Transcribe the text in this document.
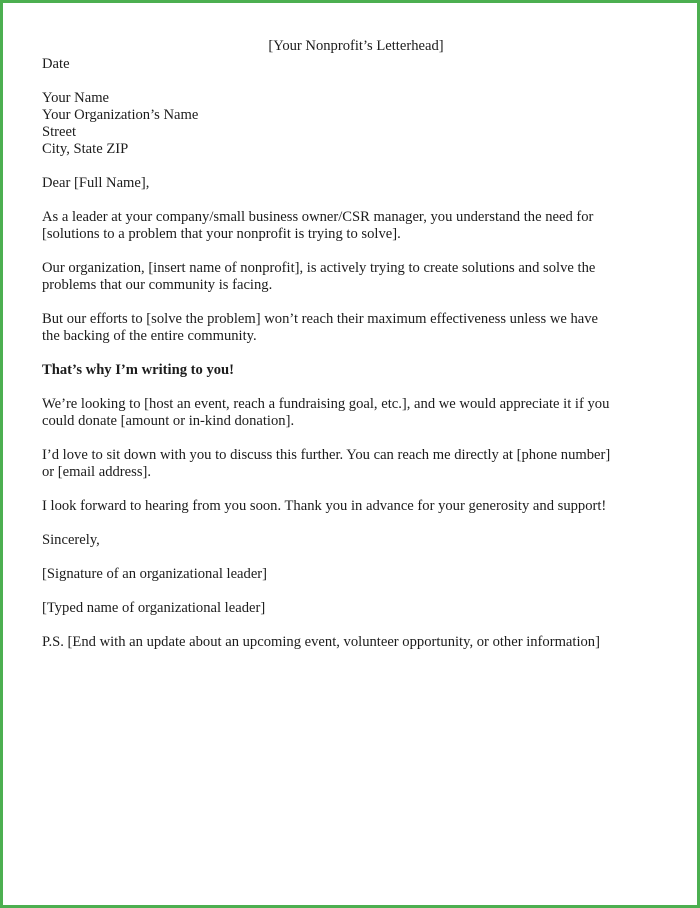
[Your Nonprofit’s Letterhead]

Date

Your Name

Your Organization’s Name

Street

City, State ZIP

Dear [Full Name],

As a leader at your company/small business owner/CSR manager, you understand the need for

[solutions to a problem that your nonprofit is trying to solve].

Our organization, [insert name of nonprofit], is actively trying to create solutions and solve the

problems that our community is facing.

But our efforts to [solve the problem] won’t reach their maximum effectiveness unless we have

the backing of the entire community.

That’s why I’m writing to you!

We’re looking to [host an event, reach a fundraising goal, etc.], and we would appreciate it if you

could donate [amount or in-kind donation].

I’d love to sit down with you to discuss this further. You can reach me directly at [phone number]

or [email address].

I look forward to hearing from you soon. Thank you in advance for your generosity and support!

Sincerely,

[Signature of an organizational leader]

[Typed name of organizational leader]

P.S. [End with an update about an upcoming event, volunteer opportunity, or other information]
